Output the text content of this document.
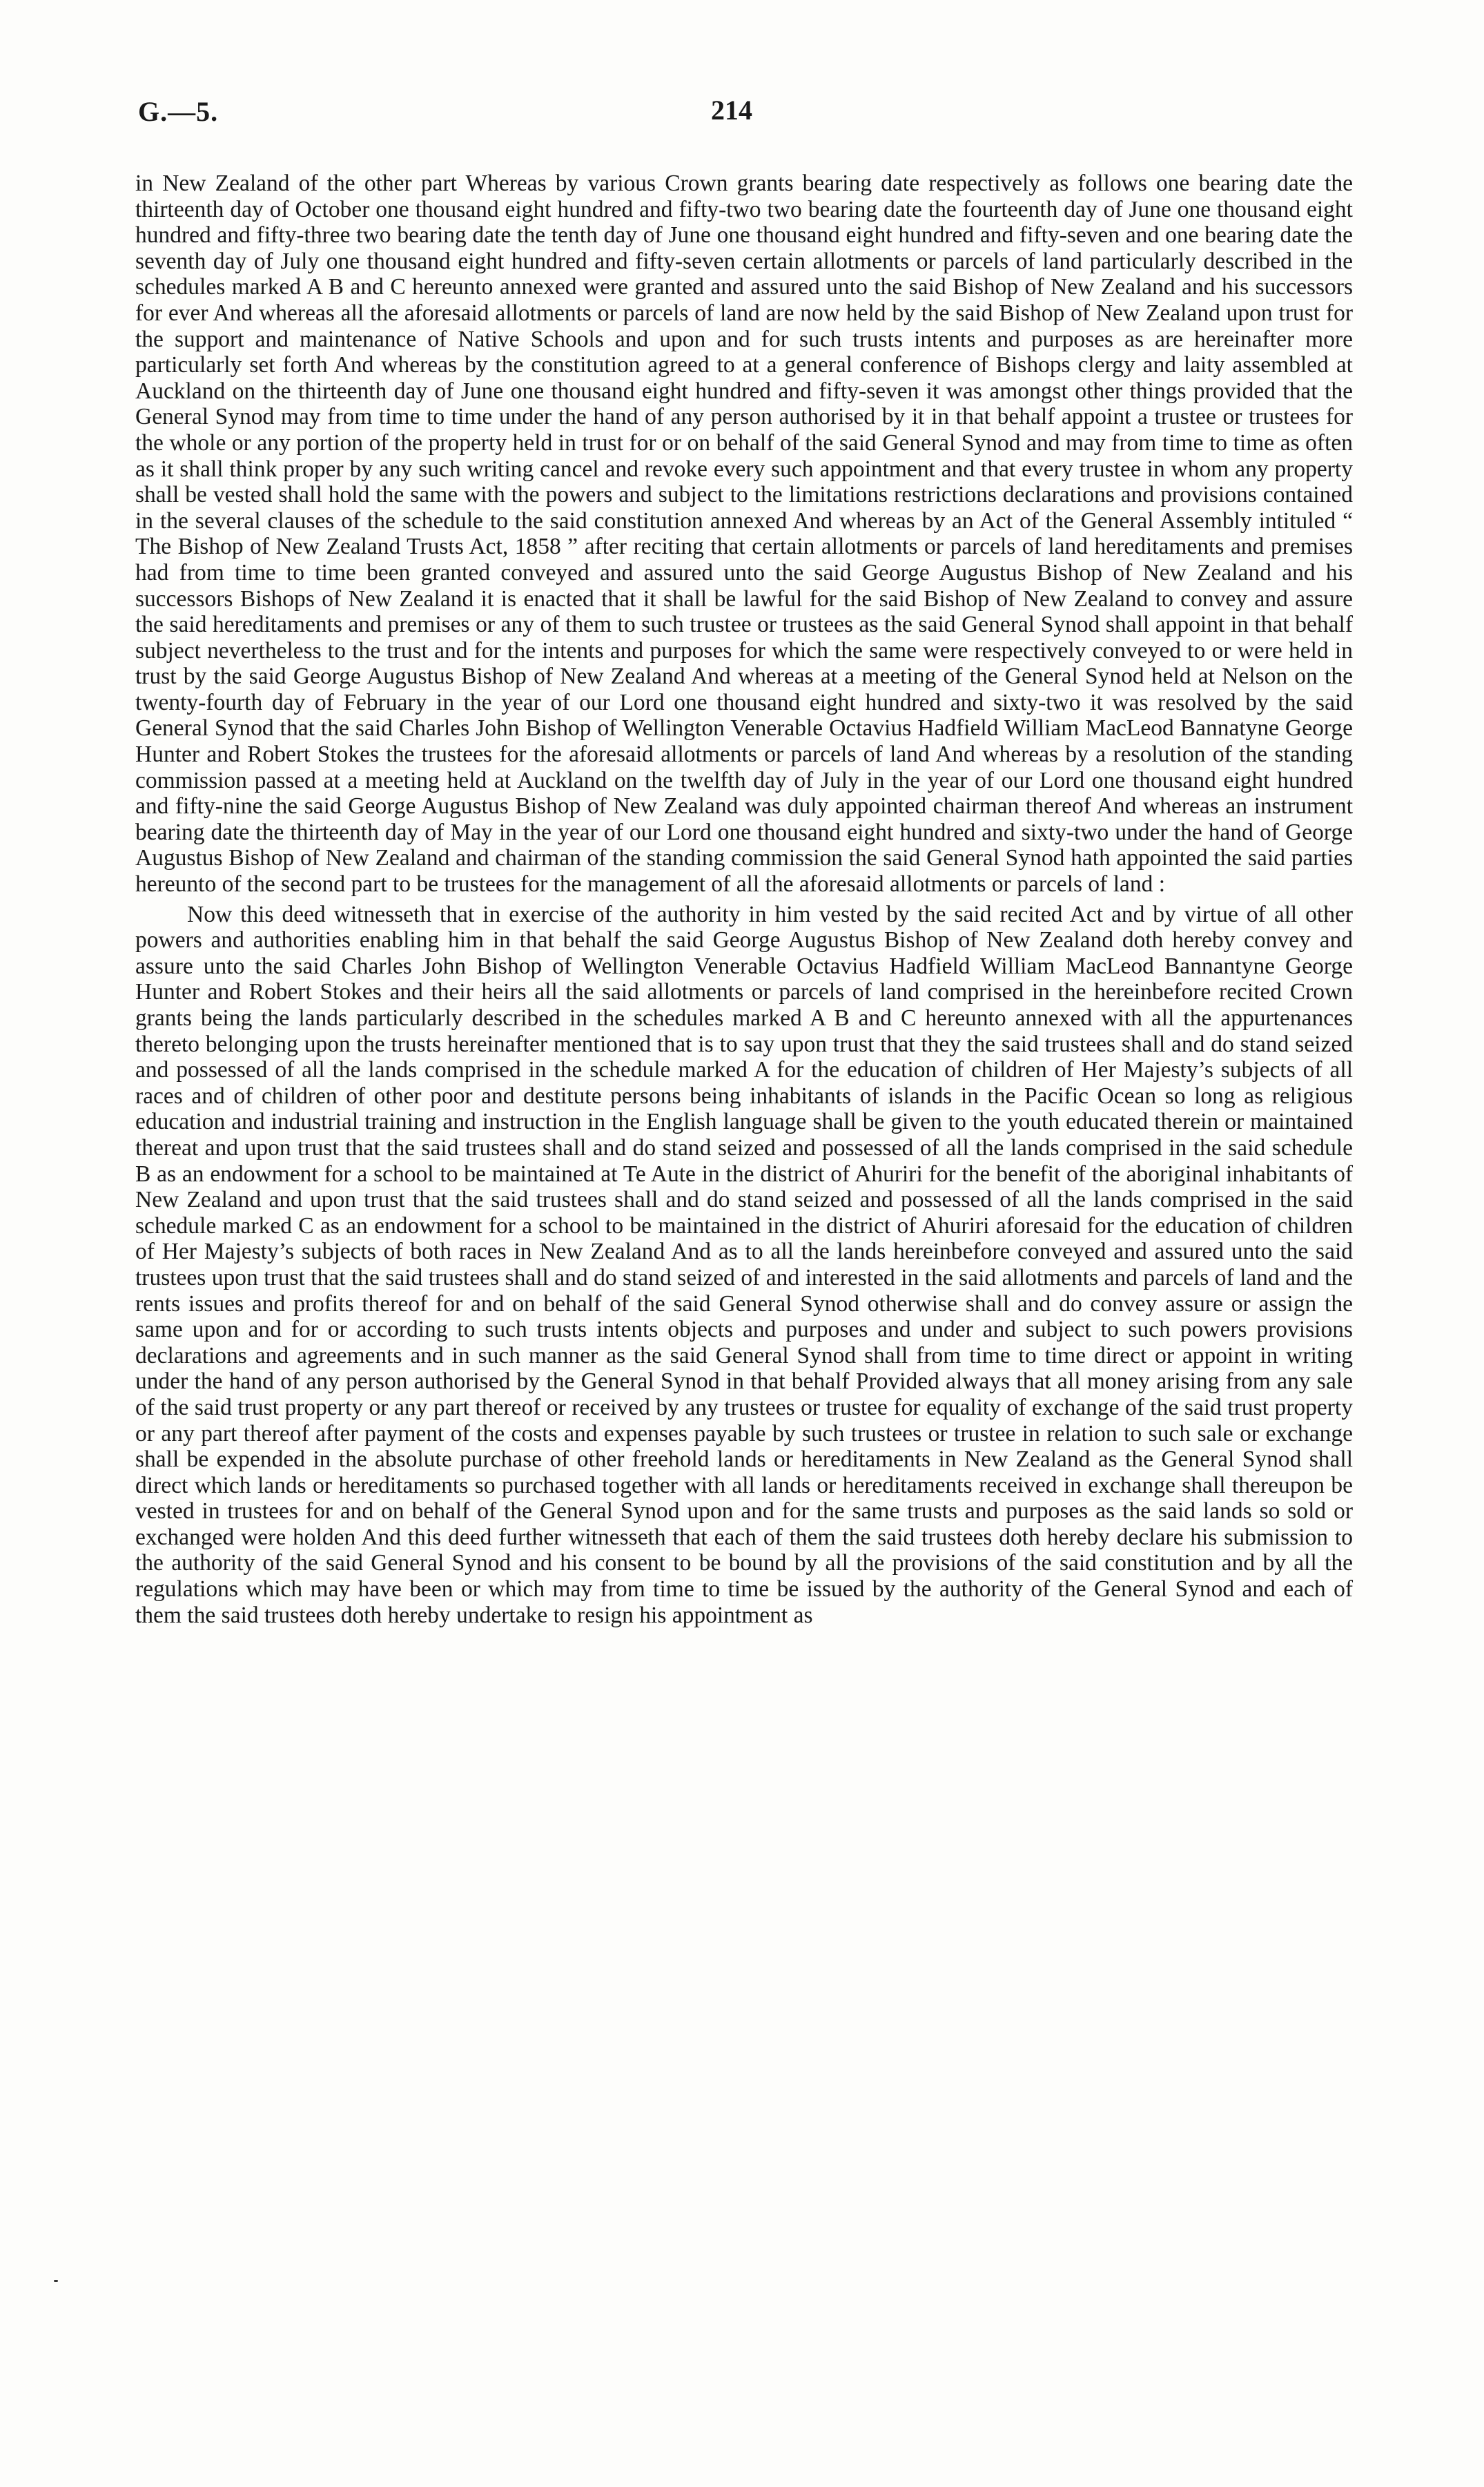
G.—5.	214

in New Zealand of the other part Whereas by various Crown grants bearing date respectively as follows one bearing date the thirteenth day of October one thousand eight hundred and fifty-two two bearing date the fourteenth day of June one thousand eight hundred and fifty-three two bearing date the tenth day of June one thousand eight hundred and fifty-seven and one bearing date the seventh day of July one thousand eight hundred and fifty-seven certain allotments or parcels of land particularly described in the schedules marked A B and C hereunto annexed were granted and assured unto the said Bishop of New Zealand and his successors for ever And whereas all the aforesaid allotments or parcels of land are now held by the said Bishop of New Zealand upon trust for the support and maintenance of Native Schools and upon and for such trusts intents and purposes as are hereinafter more particularly set forth And whereas by the constitution agreed to at a general conference of Bishops clergy and laity assembled at Auckland on the thirteenth day of June one thousand eight hundred and fifty-seven it was amongst other things provided that the General Synod may from time to time under the hand of any person authorised by it in that behalf appoint a trustee or trustees for the whole or any portion of the property held in trust for or on behalf of the said General Synod and may from time to time as often as it shall think proper by any such writing cancel and revoke every such appointment and that every trustee in whom any property shall be vested shall hold the same with the powers and subject to the limitations restrictions declarations and provisions contained in the several clauses of the schedule to the said constitution annexed And whereas by an Act of the General Assembly intituled “ The Bishop of New Zealand Trusts Act, 1858 ” after reciting that certain allotments or parcels of land hereditaments and premises had from time to time been granted conveyed and assured unto the said George Augustus Bishop of New Zealand and his successors Bishops of New Zealand it is enacted that it shall be lawful for the said Bishop of New Zealand to convey and assure the said hereditaments and premises or any of them to such trustee or trustees as the said General Synod shall appoint in that behalf subject nevertheless to the trust and for the intents and purposes for which the same were respectively conveyed to or were held in trust by the said George Augustus Bishop of New Zealand And whereas at a meeting of the General Synod held at Nelson on the twenty-fourth day of February in the year of our Lord one thousand eight hundred and sixty-two it was resolved by the said General Synod that the said Charles John Bishop of Wellington Venerable Octavius Hadfield William MacLeod Bannatyne George Hunter and Robert Stokes the trustees for the aforesaid allotments or parcels of land And whereas by a resolution of the standing commission passed at a meeting held at Auckland on the twelfth day of July in the year of our Lord one thousand eight hundred and fifty-nine the said George Augustus Bishop of New Zealand was duly appointed chairman thereof And whereas an instrument bearing date the thirteenth day of May in the year of our Lord one thousand eight hundred and sixty-two under the hand of George Augustus Bishop of New Zealand and chairman of the standing commission the said General Synod hath appointed the said parties hereunto of the second part to be trustees for the management of all the aforesaid allotments or parcels of land :

Now this deed witnesseth that in exercise of the authority in him vested by the said recited Act and by virtue of all other powers and authorities enabling him in that behalf the said George Augustus Bishop of New Zealand doth hereby convey and assure unto the said Charles John Bishop of Wellington Venerable Octavius Hadfield William MacLeod Bannantyne George Hunter and Robert Stokes and their heirs all the said allotments or parcels of land comprised in the hereinbefore recited Crown grants being the lands particularly described in the schedules marked A B and C hereunto annexed with all the appurtenances thereto belonging upon the trusts hereinafter mentioned that is to say upon trust that they the said trustees shall and do stand seized and possessed of all the lands comprised in the schedule marked A for the education of children of Her Majesty’s subjects of all races and of children of other poor and destitute persons being inhabitants of islands in the Pacific Ocean so long as religious education and industrial training and instruction in the English language shall be given to the youth educated therein or maintained thereat and upon trust that the said trustees shall and do stand seized and possessed of all the lands comprised in the said schedule B as an endowment for a school to be maintained at Te Aute in the district of Ahuriri for the benefit of the aboriginal inhabitants of New Zealand and upon trust that the said trustees shall and do stand seized and possessed of all the lands comprised in the said schedule marked C as an endowment for a school to be maintained in the district of Ahuriri aforesaid for the education of children of Her Majesty’s subjects of both races in New Zealand And as to all the lands hereinbefore conveyed and assured unto the said trustees upon trust that the said trustees shall and do stand seized of and interested in the said allotments and parcels of land and the rents issues and profits thereof for and on behalf of the said General Synod otherwise shall and do convey assure or assign the same upon and for or according to such trusts intents objects and purposes and under and subject to such powers provisions declarations and agreements and in such manner as the said General Synod shall from time to time direct or appoint in writing under the hand of any person authorised by the General Synod in that behalf Provided always that all money arising from any sale of the said trust property or any part thereof or received by any trustees or trustee for equality of exchange of the said trust property or any part thereof after payment of the costs and expenses payable by such trustees or trustee in relation to such sale or exchange shall be expended in the absolute purchase of other freehold lands or hereditaments in New Zealand as the General Synod shall direct which lands or hereditaments so purchased together with all lands or hereditaments received in exchange shall thereupon be vested in trustees for and on behalf of the General Synod upon and for the same trusts and purposes as the said lands so sold or exchanged were holden And this deed further witnesseth that each of them the said trustees doth hereby declare his submission to the authority of the said General Synod and his consent to be bound by all the provisions of the said constitution and by all the regulations which may have been or which may from time to time be issued by the authority of the General Synod and each of them the said trustees doth hereby undertake to resign his appointment as
